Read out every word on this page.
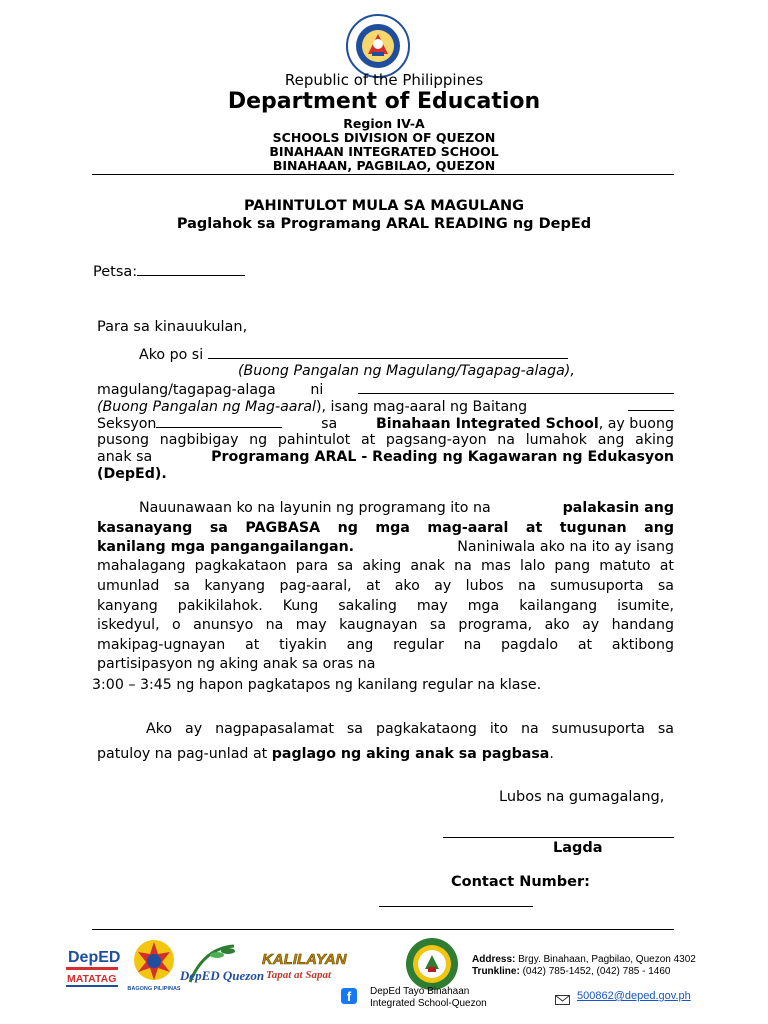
Republic of the Philippines
Department of Education
Region IV-A
SCHOOLS DIVISION OF QUEZON
BINAHAAN INTEGRATED SCHOOL
BINAHAAN, PAGBILAO, QUEZON
PAHINTULOT MULA SA MAGULANG
Paglahok sa Programang ARAL READING ng DepEd
Petsa:
Para sa kinauukulan,
Ako po si
(Buong Pangalan ng Magulang/Tagapag-alaga),
magulang/tagapag-alaga ni
(Buong Pangalan ng Mag-aaral), isang mag-aaral ng Baitang
Seksyon	sa	Binahaan Integrated School, ay buong
pusong nagbibigay ng pahintulot at pagsang-ayon na lumahok ang aking
anak sa	Programang ARAL - Reading ng Kagawaran ng Edukasyon
(DepEd).
Nauunawaan ko na layunin ng programang ito na	palakasin ang
kasanayang sa PAGBASA ng mga mag-aaral at tugunan ang
kanilang mga pangangailangan.	Naniniwala ako na ito ay isang
mahalagang pagkakataon para sa aking anak na mas lalo pang matuto at
umunlad sa kanyang pag-aaral, at ako ay lubos na sumusuporta sa
kanyang pakikilahok. Kung sakaling may mga kailangang isumite,
iskedyul, o anunsyo na may kaugnayan sa programa, ako ay handang
makipag-ugnayan at tiyakin ang regular na pagdalo at aktibong
partisipasyon ng aking anak sa oras na
3:00 – 3:45 ng hapon pagkatapos ng kanilang regular na klase.
Ako ay nagpapasalamat sa pagkakataong ito na sumusuporta sa
patuloy na pag-unlad at paglago ng aking anak sa pagbasa.
Lubos na gumagalang,
Lagda
Contact Number:
DepED
MATATAG
BAGONG PILIPINAS
DepED Quezon
KALILAYAN
Tapat at Sapat
Address: Brgy. Binahaan, Pagbilao, Quezon 4302
Trunkline: (042) 785-1452, (042) 785 - 1460
f	DepEd Tayo Binahaan
Integrated School-Quezon
500862@deped.gov.ph
